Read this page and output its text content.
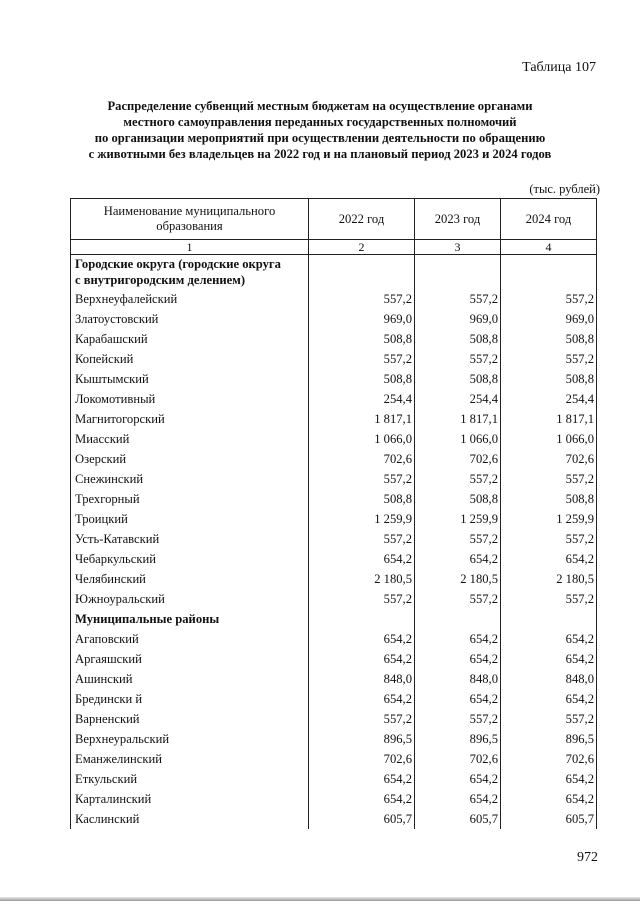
Таблица 107
Распределение субвенций местным бюджетам на осуществление органами
местного самоуправления переданных государственных полномочий
по организации мероприятий при осуществлении деятельности по обращению
с животными без владельцев на 2022 год и на плановый период 2023 и 2024 годов
(тыс. рублей)
Наименование муниципального
образования	2022 год	2023 год	2024 год
1	2	3	4
Городские округа (городские округа
с внутригородским делением)			
Верхнеуфалейский	557,2	557,2	557,2
Златоустовский	969,0	969,0	969,0
Карабашский	508,8	508,8	508,8
Копейский	557,2	557,2	557,2
Кыштымский	508,8	508,8	508,8
Локомотивный	254,4	254,4	254,4
Магнитогорский	1 817,1	1 817,1	1 817,1
Миасский	1 066,0	1 066,0	1 066,0
Озерский	702,6	702,6	702,6
Снежинский	557,2	557,2	557,2
Трехгорный	508,8	508,8	508,8
Троицкий	1 259,9	1 259,9	1 259,9
Усть-Катавский	557,2	557,2	557,2
Чебаркульский	654,2	654,2	654,2
Челябинский	2 180,5	2 180,5	2 180,5
Южноуральский	557,2	557,2	557,2
Муниципальные районы			
Агаповский	654,2	654,2	654,2
Аргаяшский	654,2	654,2	654,2
Ашинский	848,0	848,0	848,0
Бредински й	654,2	654,2	654,2
Варненский	557,2	557,2	557,2
Верхнеуральский	896,5	896,5	896,5
Еманжелинский	702,6	702,6	702,6
Еткульский	654,2	654,2	654,2
Карталинский	654,2	654,2	654,2
Каслинский	605,7	605,7	605,7
972
